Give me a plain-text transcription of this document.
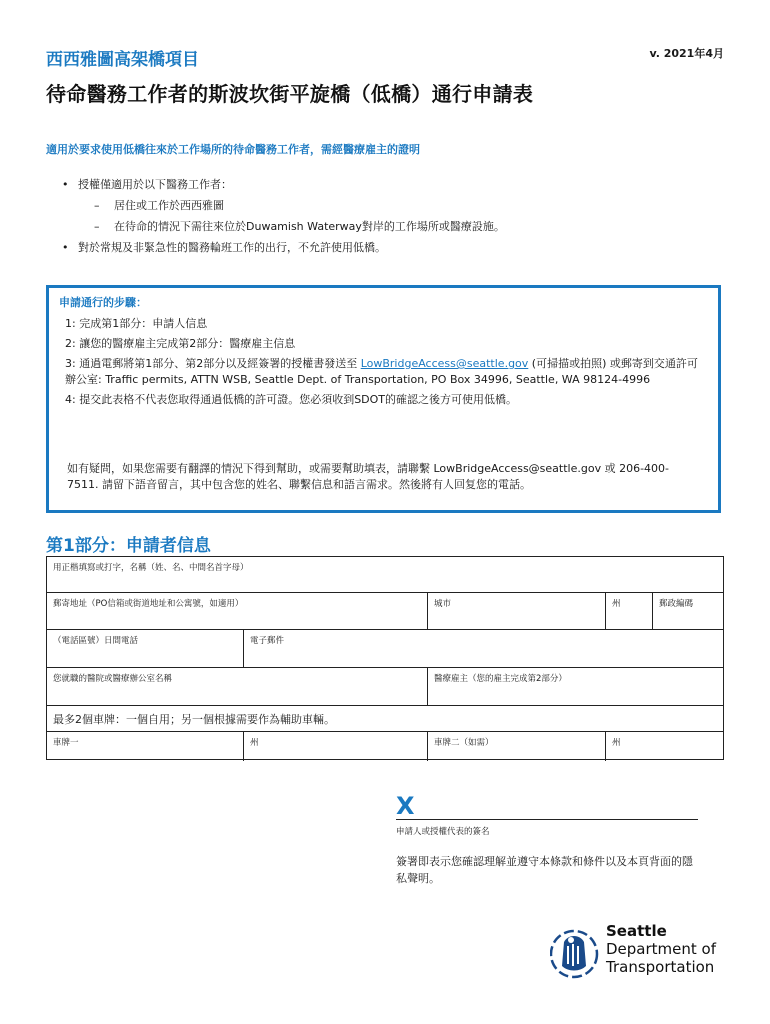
西西雅圖高架橋項目	v. 2021年4月
待命醫務工作者的斯波坎街平旋橋（低橋）通行申請表
適用於要求使用低橋往來於工作場所的待命醫務工作者，需經醫療雇主的證明
• 授權僅適用於以下醫務工作者：
– 居住或工作於西西雅圖
– 在待命的情況下需往來位於Duwamish Waterway對岸的工作場所或醫療設施。
• 對於常規及非緊急性的醫務輪班工作的出行，不允許使用低橋。
申請通行的步驟：
1: 完成第1部分：申請人信息
2: 讓您的醫療雇主完成第2部分：醫療雇主信息
3: 通過電郵將第1部分、第2部分以及經簽署的授權書發送至 LowBridgeAccess@seattle.gov (可掃描或拍照) 或郵寄到交通許可辦公室: Traffic permits, ATTN WSB, Seattle Dept. of Transportation, PO Box 34996, Seattle, WA 98124-4996
4: 提交此表格不代表您取得通過低橋的許可證。您必須收到SDOT的確認之後方可使用低橋。
如有疑問，如果您需要有翻譯的情況下得到幫助，或需要幫助填表，請聯繫 LowBridgeAccess@seattle.gov 或 206-400-7511. 請留下語音留言，其中包含您的姓名、聯繫信息和語言需求。然後將有人回复您的電話。
第1部分：申請者信息
用正楷填寫或打字，名稱（姓、名、中間名首字母）
郵寄地址（PO信箱或街道地址和公寓號，如適用）	城市	州	郵政編碼
（電話區號）日間電話	電子郵件
您就職的醫院或醫療辦公室名稱	醫療雇主（您的雇主完成第2部分）
最多2個車牌：一個自用；另一個根據需要作為輔助車輛。
車牌一	州	車牌二（如需）	州
X
申請人或授權代表的簽名
簽署即表示您確認理解並遵守本條款和條件以及本頁背面的隱私聲明。
Seattle
Department of
Transportation
